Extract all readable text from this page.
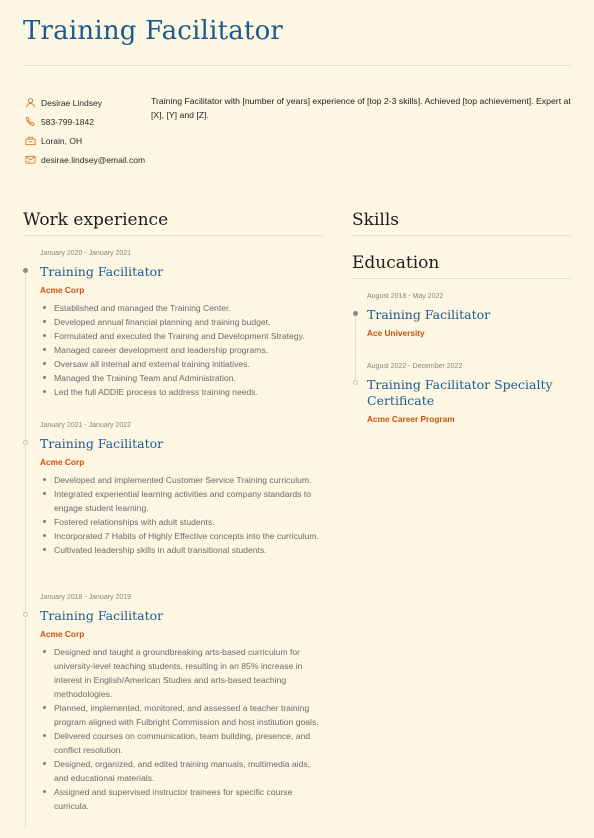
Training Facilitator
Desirae Lindsey
583-799-1842
Lorain, OH
desirae.lindsey@email.com

Training Facilitator with [number of years] experience of [top 2-3 skills]. Achieved [top achievement]. Expert at [X], [Y] and [Z].

Work experience
January 2020 - January 2021
Training Facilitator
Acme Corp
Established and managed the Training Center.
Developed annual financial planning and training budget.
Formulated and executed the Training and Development Strategy.
Managed career development and leadership programs.
Oversaw all internal and external training initiatives.
Managed the Training Team and Administration.
Led the full ADDIE process to address training needs.
January 2021 - January 2022
Training Facilitator
Acme Corp
Developed and implemented Customer Service Training curriculum.
Integrated experiential learning activities and company standards to engage student learning.
Fostered relationships with adult students.
Incorporated 7 Habits of Highly Effective concepts into the curriculum.
Cultivated leadership skills in adult transitional students.
January 2018 - January 2019
Training Facilitator
Acme Corp
Designed and taught a groundbreaking arts-based curriculum for university-level teaching students, resulting in an 85% increase in interest in English/American Studies and arts-based teaching methodologies.
Planned, implemented, monitored, and assessed a teacher training program aligned with Fulbright Commission and host institution goals.
Delivered courses on communication, team building, presence, and conflict resolution.
Designed, organized, and edited training manuals, multimedia aids, and educational materials.
Assigned and supervised instructor trainees for specific course curricula.
Skills
Education
August 2018 - May 2022
Training Facilitator
Ace University
August 2022 - December 2022
Training Facilitator Specialty Certificate
Acme Career Program
